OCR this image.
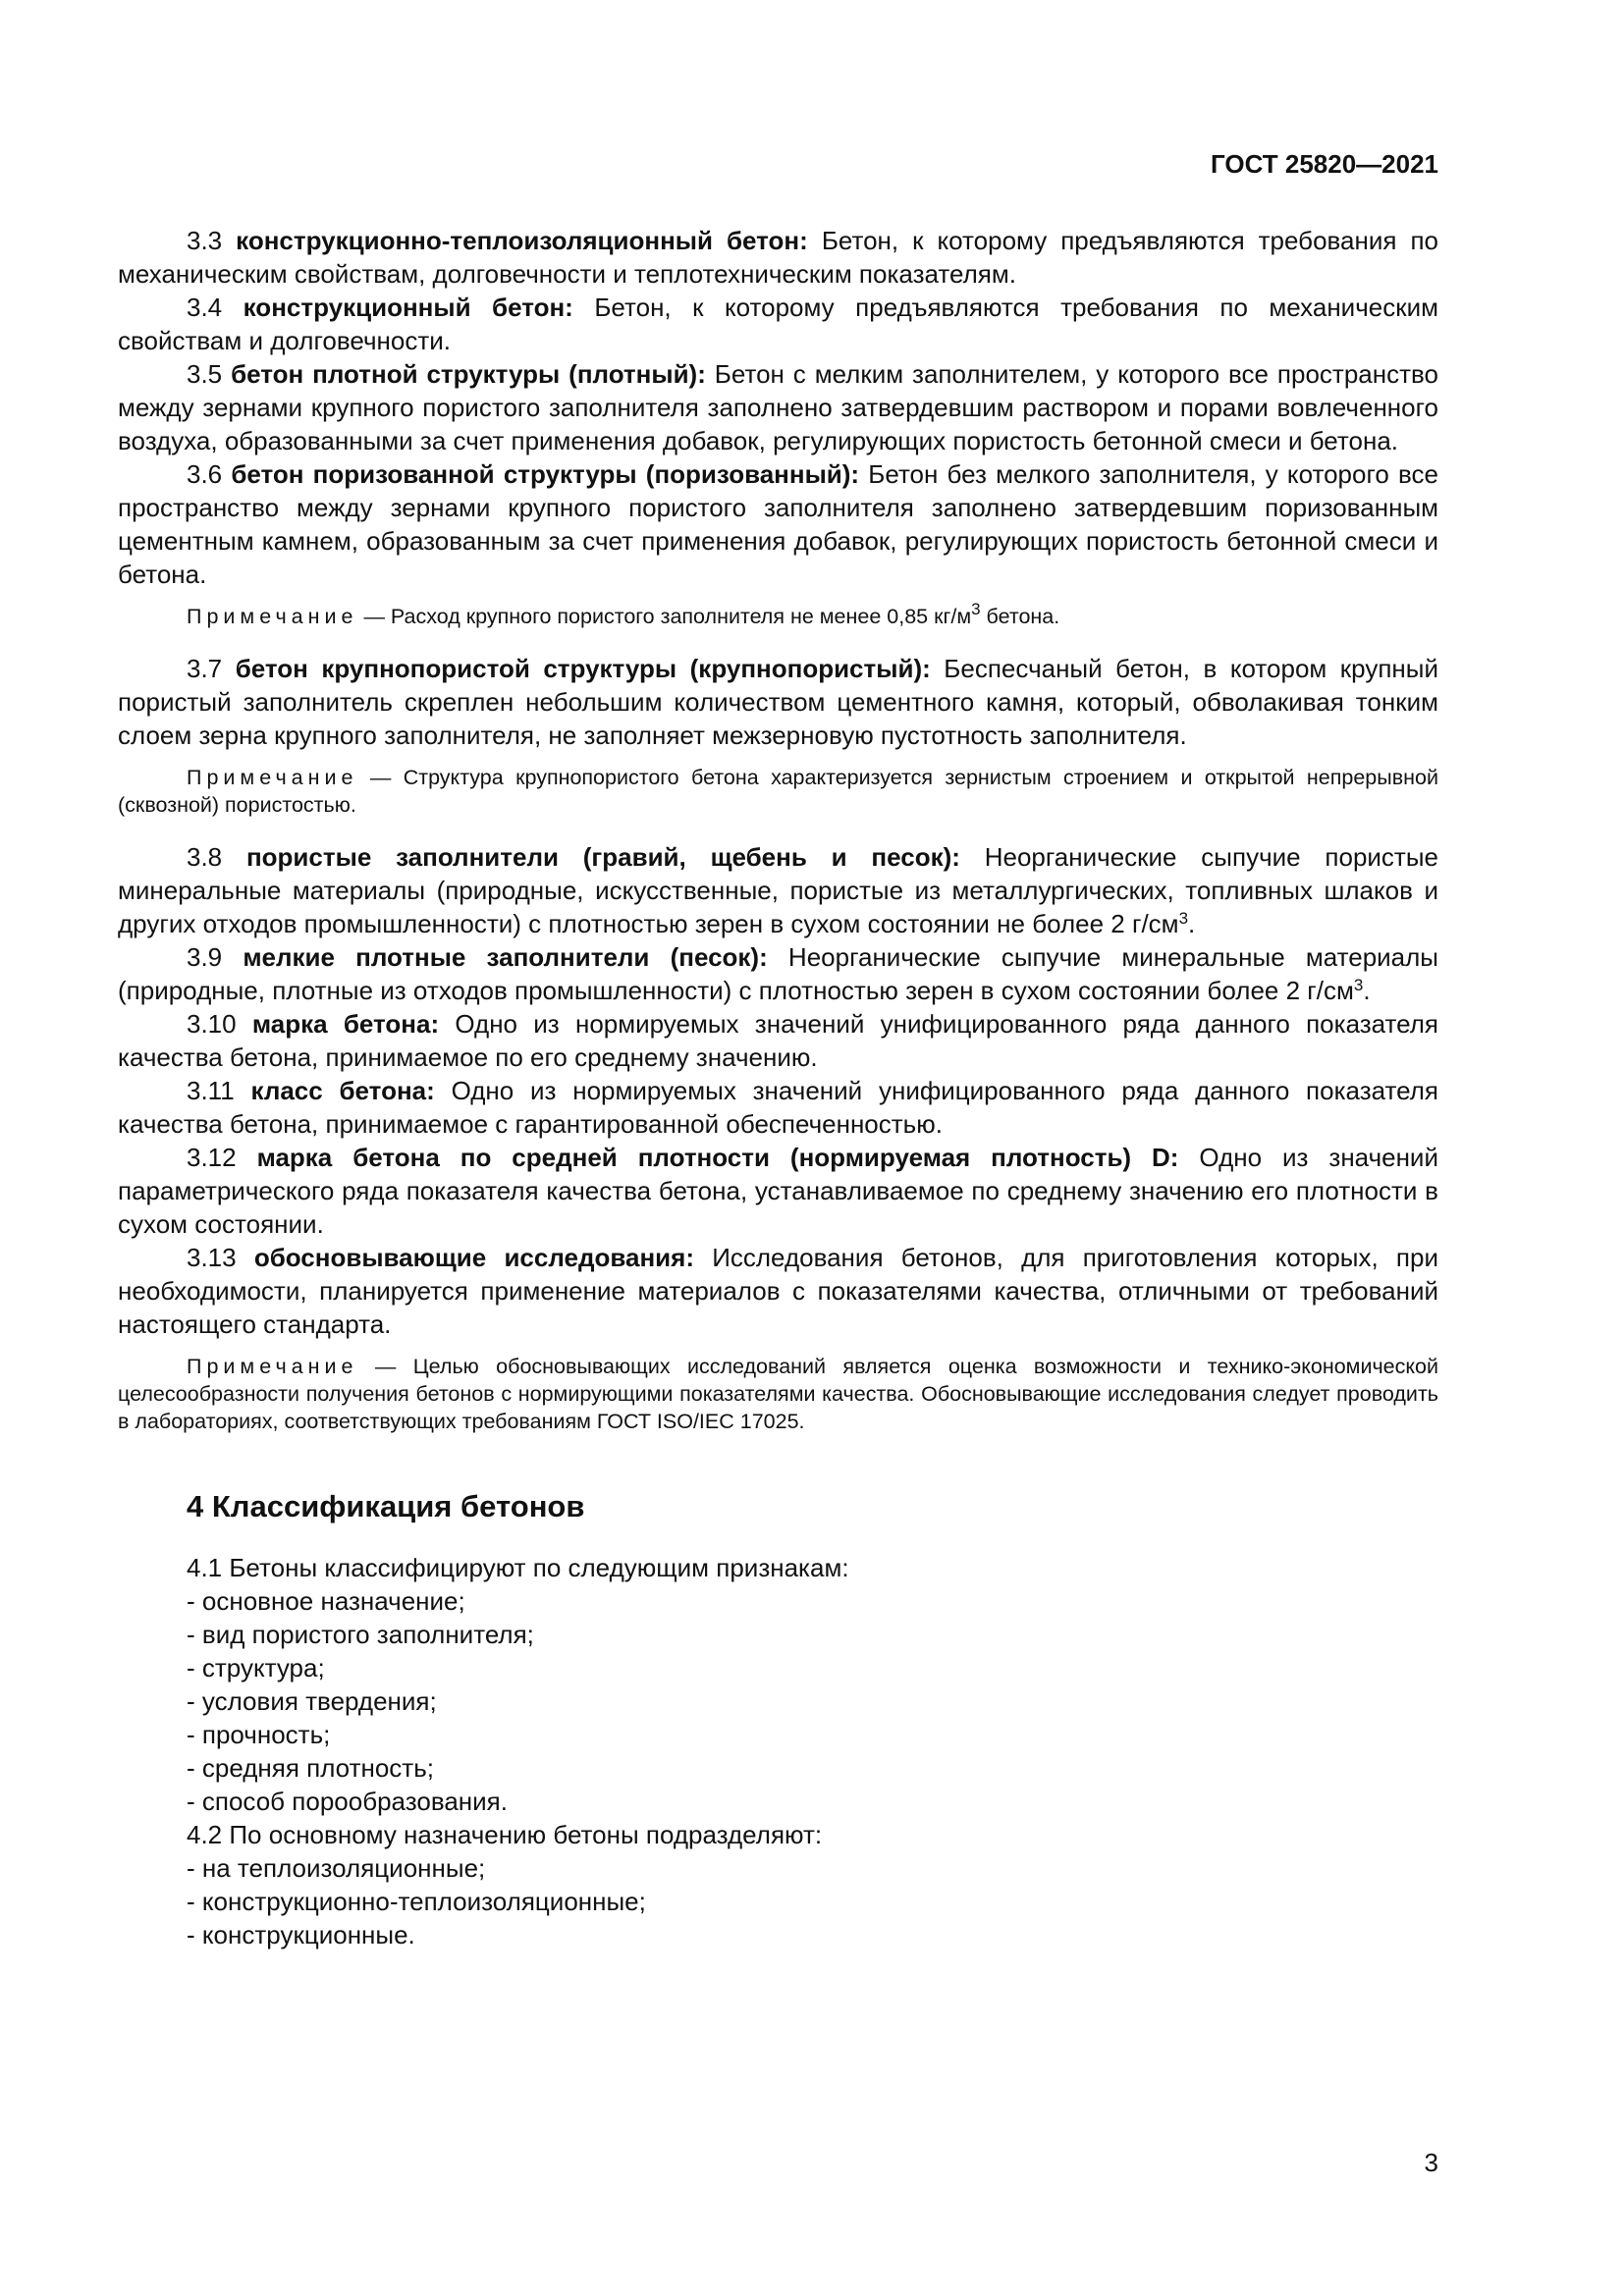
ГОСТ 25820—2021

3.3 конструкционно-теплоизоляционный бетон: Бетон, к которому предъявляются требования по механическим свойствам, долговечности и теплотехническим показателям.

3.4 конструкционный бетон: Бетон, к которому предъявляются требования по механическим свойствам и долговечности.

3.5 бетон плотной структуры (плотный): Бетон с мелким заполнителем, у которого все пространство между зернами крупного пористого заполнителя заполнено затвердевшим раствором и порами вовлеченного воздуха, образованными за счет применения добавок, регулирующих пористость бетонной смеси и бетона.

3.6 бетон поризованной структуры (поризованный): Бетон без мелкого заполнителя, у которого все пространство между зернами крупного пористого заполнителя заполнено затвердевшим поризованным цементным камнем, образованным за счет применения добавок, регулирующих пористость бетонной смеси и бетона.

Примечание — Расход крупного пористого заполнителя не менее 0,85 $кг/м^3$ бетона.

3.7 бетон крупнопористой структуры (крупнопористый): Беспесчаный бетон, в котором крупный пористый заполнитель скреплен небольшим количеством цементного камня, который, обволакивая тонким слоем зерна крупного заполнителя, не заполняет межзерновую пустотность заполнителя.

Примечание — Структура крупнопористого бетона характеризуется зернистым строением и открытой непрерывной (сквозной) пористостью.

3.8 пористые заполнители (гравий, щебень и песок): Неорганические сыпучие пористые минеральные материалы (природные, искусственные, пористые из металлургических, топливных шлаков и других отходов промышленности) с плотностью зерен в сухом состоянии не более 2 $г/см^3$.

3.9 мелкие плотные заполнители (песок): Неорганические сыпучие минеральные материалы (природные, плотные из отходов промышленности) с плотностью зерен в сухом состоянии более 2 $г/см^3$.

3.10 марка бетона: Одно из нормируемых значений унифицированного ряда данного показателя качества бетона, принимаемое по его среднему значению.

3.11 класс бетона: Одно из нормируемых значений унифицированного ряда данного показателя качества бетона, принимаемое с гарантированной обеспеченностью.

3.12 марка бетона по средней плотности (нормируемая плотность) D: Одно из значений параметрического ряда показателя качества бетона, устанавливаемое по среднему значению его плотности в сухом состоянии.

3.13 обосновывающие исследования: Исследования бетонов, для приготовления которых, при необходимости, планируется применение материалов с показателями качества, отличными от требований настоящего стандарта.

Примечание — Целью обосновывающих исследований является оценка возможности и технико-экономической целесообразности получения бетонов с нормирующими показателями качества. Обосновывающие исследования следует проводить в лабораториях, соответствующих требованиям ГОСТ ISO/IEC 17025.

4 Классификация бетонов

4.1 Бетоны классифицируют по следующим признакам:

- основное назначение;

- вид пористого заполнителя;

- структура;

- условия твердения;

- прочность;

- средняя плотность;

- способ порообразования.

4.2 По основному назначению бетоны подразделяют:

- на теплоизоляционные;

- конструкционно-теплоизоляционные;

- конструкционные.

3
